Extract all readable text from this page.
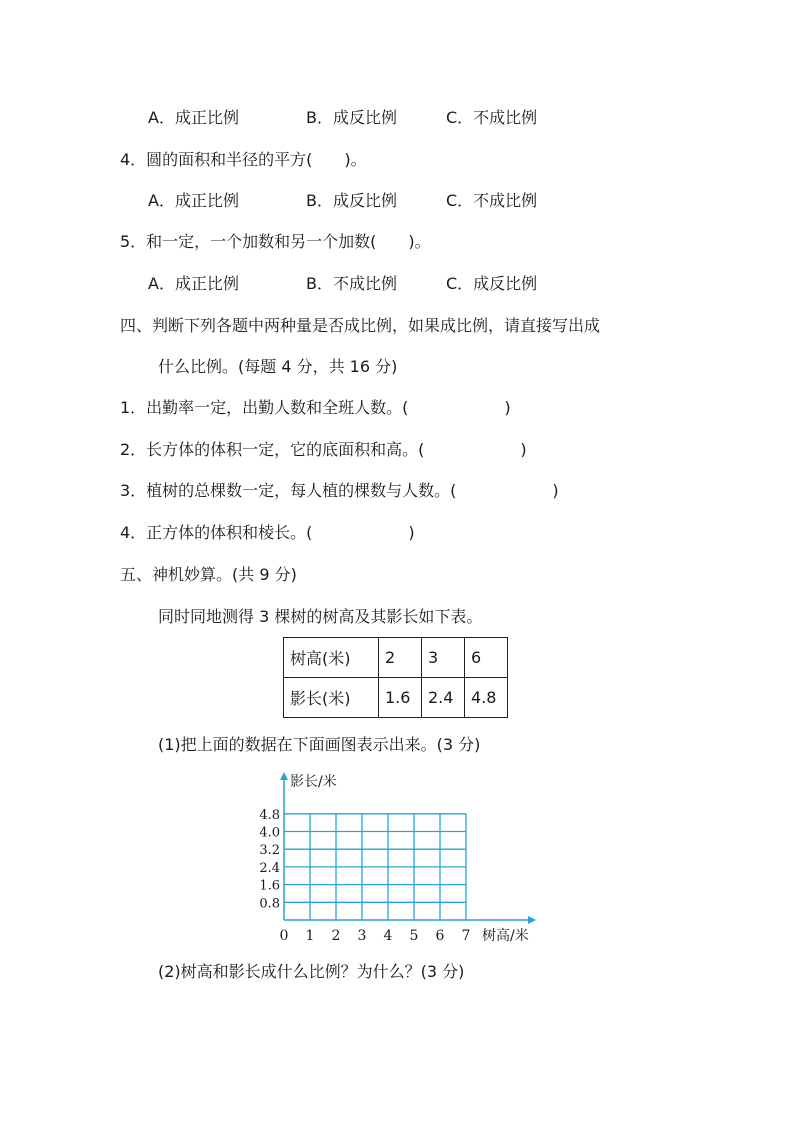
A．成正比例	B．成反比例	C．不成比例
4．圆的面积和半径的平方(　　)。
A．成正比例	B．成反比例	C．不成比例
5．和一定，一个加数和另一个加数(　　)。
A．成正比例	B．不成比例	C．成反比例
四、判断下列各题中两种量是否成比例，如果成比例，请直接写出成
什么比例。(每题 4 分，共 16 分)
1．出勤率一定，出勤人数和全班人数。(　　　　　　)
2．长方体的体积一定，它的底面积和高。(　　　　　　)
3．植树的总棵数一定，每人植的棵数与人数。(　　　　　　)
4．正方体的体积和棱长。(　　　　　　)
五、神机妙算。(共 9 分)
同时同地测得 3 棵树的树高及其影长如下表。
树高(米)	2	3	6
影长(米)	1.6	2.4	4.8
(1)把上面的数据在下面画图表示出来。(3 分)
0 1 2 3 4 5 6 7
0.8
1.6
2.4
3.2
4.0
4.8
影长/米
树高/米
(2)树高和影长成什么比例？为什么？(3 分)
